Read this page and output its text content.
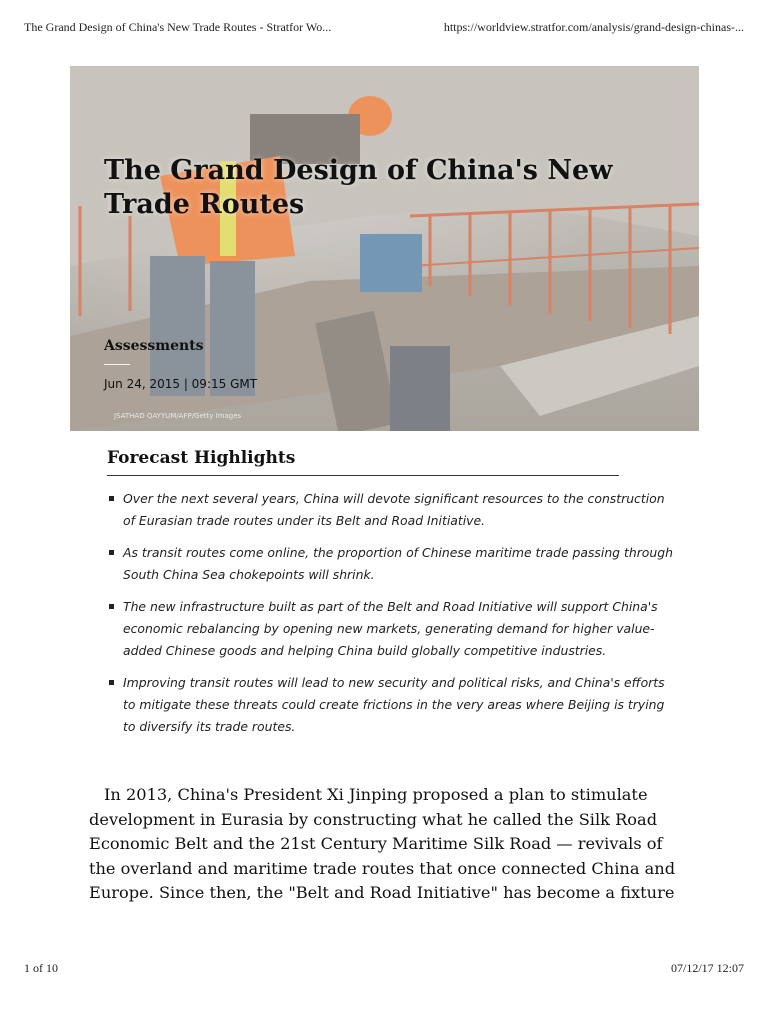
The Grand Design of China's New Trade Routes - Stratfor Wo...	https://worldview.stratfor.com/analysis/grand-design-chinas-...
The Grand Design of China's New Trade Routes
Assessments
Jun 24, 2015 | 09:15 GMT
JSATHAD QAYYUM/AFP/Getty Images
Forecast Highlights
Over the next several years, China will devote significant resources to the construction of Eurasian trade routes under its Belt and Road Initiative.
As transit routes come online, the proportion of Chinese maritime trade passing through South China Sea chokepoints will shrink.
The new infrastructure built as part of the Belt and Road Initiative will support China's economic rebalancing by opening new markets, generating demand for higher value-added Chinese goods and helping China build globally competitive industries.
Improving transit routes will lead to new security and political risks, and China's efforts to mitigate these threats could create frictions in the very areas where Beijing is trying to diversify its trade routes.

In 2013, China's President Xi Jinping proposed a plan to stimulate development in Eurasia by constructing what he called the Silk Road Economic Belt and the 21st Century Maritime Silk Road — revivals of the overland and maritime trade routes that once connected China and Europe. Since then, the "Belt and Road Initiative" has become a fixture

1 of 10	07/12/17 12:07
